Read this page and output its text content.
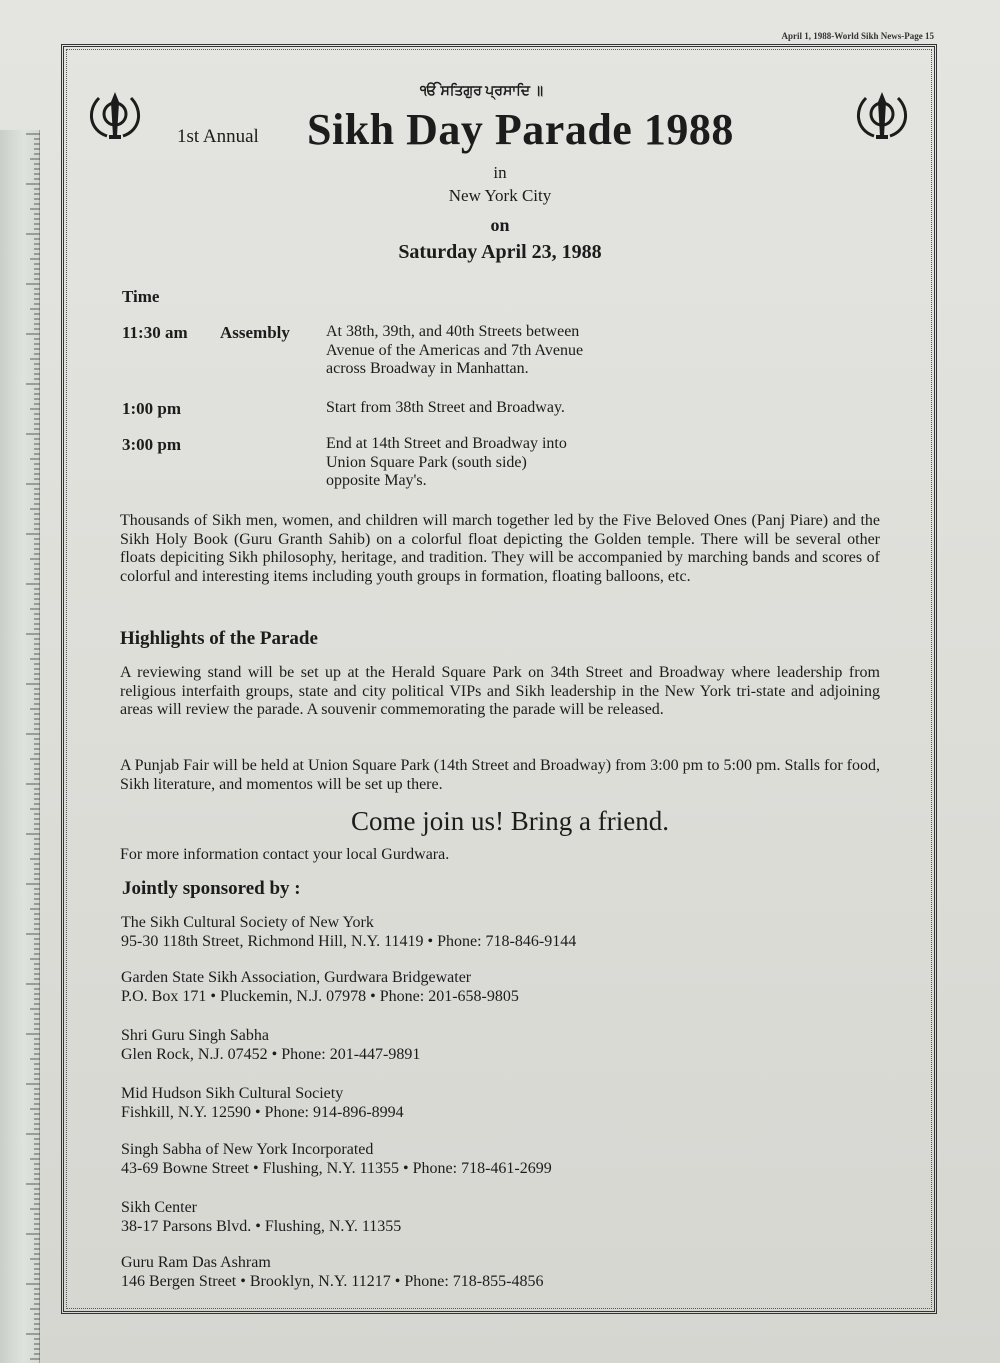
April 1, 1988-World Sikh News-Page 15
ੴ ਸਤਿਗੁਰ ਪ੍ਰਸਾਦਿ ॥
1st Annual Sikh Day Parade 1988
in
New York City
on
Saturday April 23, 1988
Time
11:30 am Assembly At 38th, 39th, and 40th Streets between
Avenue of the Americas and 7th Avenue
across Broadway in Manhattan.
1:00 pm	Start from 38th Street and Broadway.
3:00 pm	End at 14th Street and Broadway into
Union Square Park (south side)
opposite May's.
Thousands of Sikh men, women, and children will march together led by the Five Beloved Ones (Panj Piare) and the Sikh Holy Book (Guru Granth Sahib) on a colorful float depicting the Golden temple. There will be several other floats depiciting Sikh philosophy, heritage, and tradition. They will be accompanied by marching bands and scores of colorful and interesting items including youth groups in formation, floating balloons, etc.
Highlights of the Parade
A reviewing stand will be set up at the Herald Square Park on 34th Street and Broadway where leadership from religious interfaith groups, state and city political VIPs and Sikh leadership in the New York tri-state and adjoining areas will review the parade. A souvenir commemorating the parade will be released.
A Punjab Fair will be held at Union Square Park (14th Street and Broadway) from 3:00 pm to 5:00 pm. Stalls for food, Sikh literature, and momentos will be set up there.
Come join us! Bring a friend.
For more information contact your local Gurdwara.
Jointly sponsored by :
The Sikh Cultural Society of New York
95-30 118th Street, Richmond Hill, N.Y. 11419 • Phone: 718-846-9144
Garden State Sikh Association, Gurdwara Bridgewater
P.O. Box 171 • Pluckemin, N.J. 07978 • Phone: 201-658-9805
Shri Guru Singh Sabha
Glen Rock, N.J. 07452 • Phone: 201-447-9891
Mid Hudson Sikh Cultural Society
Fishkill, N.Y. 12590 • Phone: 914-896-8994
Singh Sabha of New York Incorporated
43-69 Bowne Street • Flushing, N.Y. 11355 • Phone: 718-461-2699
Sikh Center
38-17 Parsons Blvd. • Flushing, N.Y. 11355
Guru Ram Das Ashram
146 Bergen Street • Brooklyn, N.Y. 11217 • Phone: 718-855-4856
